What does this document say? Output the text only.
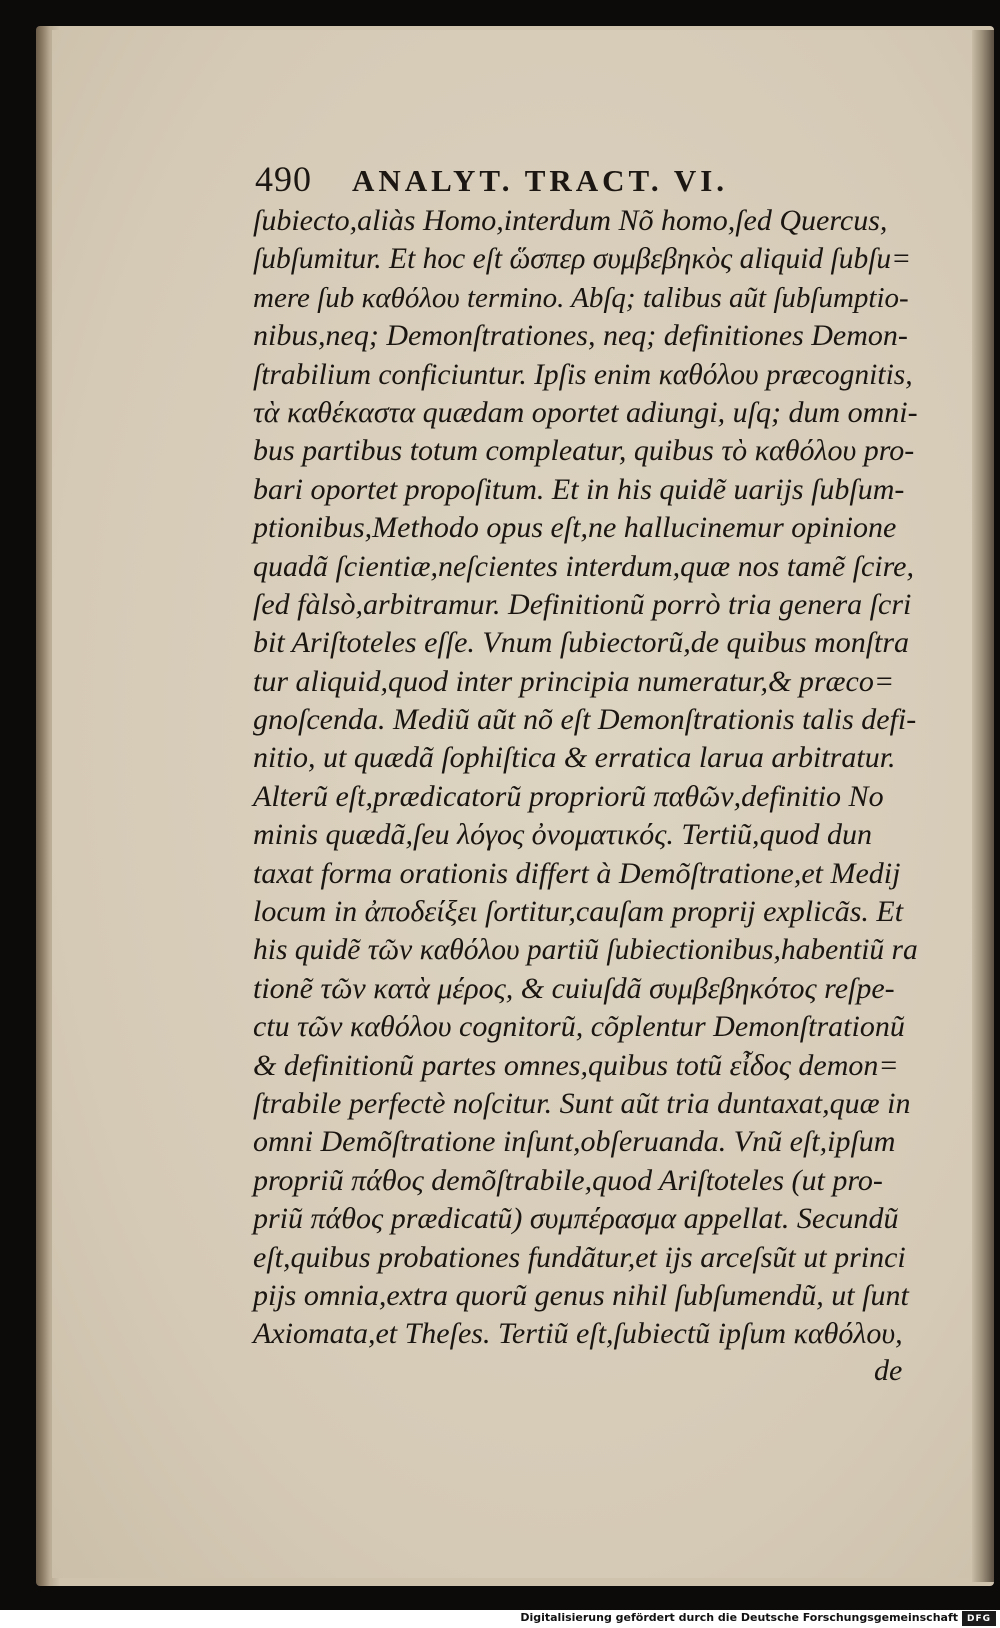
490 ANALYT. TRACT. VI.
ſubiecto,aliàs Homo,interdum Nõ homo,ſed Quercus,
ſubſumitur. Et hoc eſt ὥσπερ συμβεβηκὸς aliquid ſubſu=
mere ſub καθόλου termino. Abſq; talibus aũt ſubſumptio-
nibus,neq; Demonſtrationes, neq; definitiones Demon-
ſtrabilium conficiuntur. Ipſis enim καθόλου præcognitis,
τὰ καθέκαστα quædam oportet adiungi, uſq; dum omni-
bus partibus totum compleatur, quibus τὸ καθόλου pro-
bari oportet propoſitum. Et in his quidẽ uarijs ſubſum-
ptionibus,Methodo opus eſt,ne hallucinemur opinione
quadã ſcientiæ,neſcientes interdum,quæ nos tamẽ ſcire,
ſed fàlsò,arbitramur. Definitionũ porrò tria genera ſcri
bit Ariſtoteles eſſe. Vnum ſubiectorũ,de quibus monſtra
tur aliquid,quod inter principia numeratur,& præco=
gnoſcenda. Mediũ aũt nõ eſt Demonſtrationis talis defi-
nitio, ut quædã ſophiſtica & erratica larua arbitratur.
Alterũ eſt,prædicatorũ propriorũ παθῶν,definitio No
minis quædã,ſeu λόγος ὀνοματικός. Tertiũ,quod dun
taxat forma orationis differt à Demõſtratione,et Medij
locum in ἀποδείξει ſortitur,cauſam proprij explicãs. Et
his quidẽ τῶν καθόλου partiũ ſubiectionibus,habentiũ ra
tionẽ τῶν κατὰ μέρος, & cuiuſdã συμβεβηκότος reſpe-
ctu τῶν καθόλου cognitorũ, cõplentur Demonſtrationũ
& definitionũ partes omnes,quibus totũ εἶδος demon=
ſtrabile perfectè noſcitur. Sunt aũt tria duntaxat,quæ in
omni Demõſtratione inſunt,obſeruanda. Vnũ eſt,ipſum
propriũ πάθος demõſtrabile,quod Ariſtoteles (ut pro-
priũ πάθος prædicatũ) συμπέρασμα appellat. Secundũ
eſt,quibus probationes fundãtur,et ijs arceſsũt ut princi
pijs omnia,extra quorũ genus nihil ſubſumendũ, ut ſunt
Axiomata,et Theſes. Tertiũ eſt,ſubiectũ ipſum καθόλου,
de
Digitalisierung gefördert durch die Deutsche Forschungsgemeinschaft DFG
